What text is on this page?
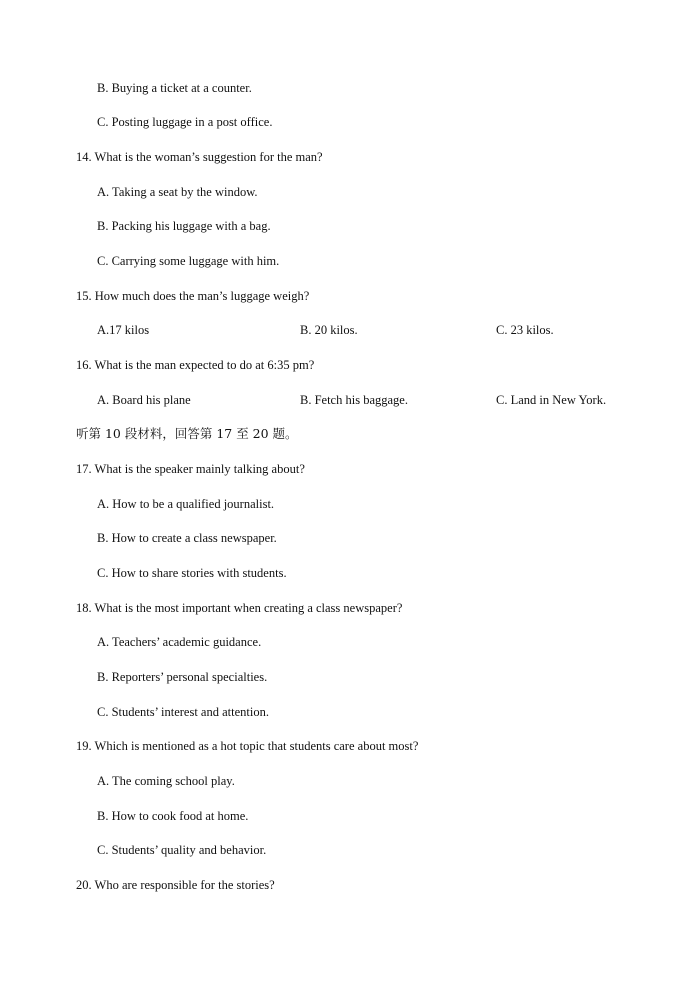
B. Buying a ticket at a counter.
C. Posting luggage in a post office.
14. What is the woman’s suggestion for the man?
A. Taking a seat by the window.
B. Packing his luggage with a bag.
C. Carrying some luggage with him.
15. How much does the man’s luggage weigh?
A.17 kilos	B. 20 kilos.	C. 23 kilos.
16. What is the man expected to do at 6:35 pm?
A. Board his plane	B. Fetch his baggage.	C. Land in New York.
听第 10 段材料，回答第 17 至 20 题。
17. What is the speaker mainly talking about?
A. How to be a qualified journalist.
B. How to create a class newspaper.
C. How to share stories with students.
18. What is the most important when creating a class newspaper?
A. Teachers’ academic guidance.
B. Reporters’ personal specialties.
C. Students’ interest and attention.
19. Which is mentioned as a hot topic that students care about most?
A. The coming school play.
B. How to cook food at home.
C. Students’ quality and behavior.
20. Who are responsible for the stories?
